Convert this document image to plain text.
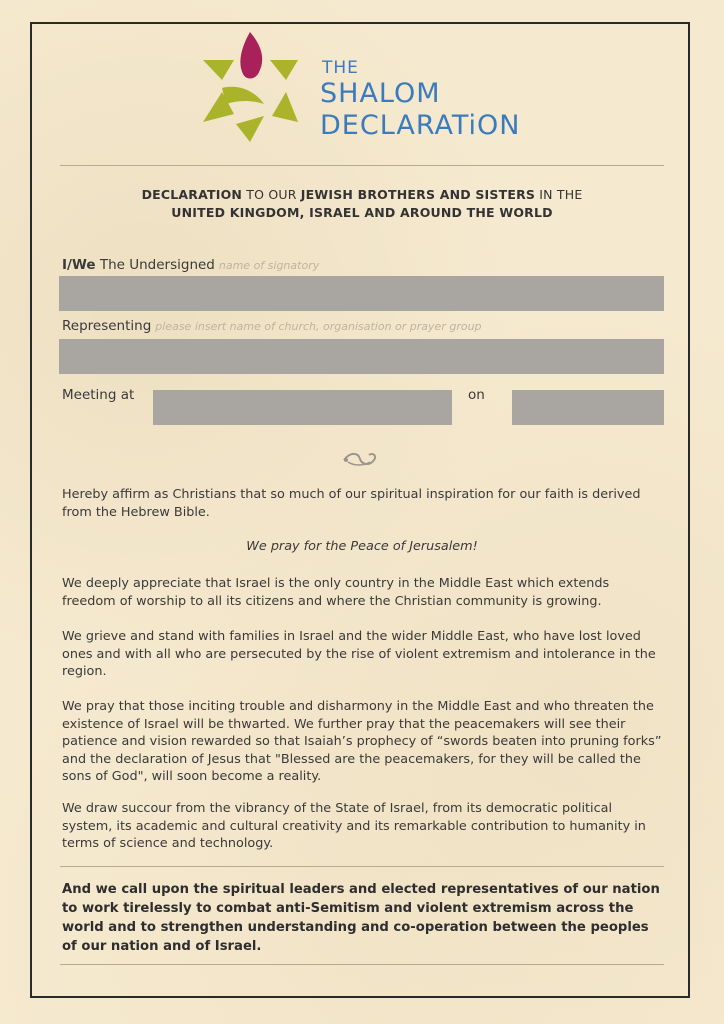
THE
SHALOM
DECLARATiON
DECLARATION TO OUR JEWISH BROTHERS AND SISTERS IN THE
UNITED KINGDOM, ISRAEL AND AROUND THE WORLD
I/We The Undersigned name of signatory
Representing please insert name of church, organisation or prayer group
Meeting at	on

Hereby affirm as Christians that so much of our spiritual inspiration for our faith is derived from the Hebrew Bible.

We pray for the Peace of Jerusalem!

We deeply appreciate that Israel is the only country in the Middle East which extends freedom of worship to all its citizens and where the Christian community is growing.

We grieve and stand with families in Israel and the wider Middle East, who have lost loved ones and with all who are persecuted by the rise of violent extremism and intolerance in the region.

We pray that those inciting trouble and disharmony in the Middle East and who threaten the existence of Israel will be thwarted. We further pray that the peacemakers will see their patience and vision rewarded so that Isaiah’s prophecy of “swords beaten into pruning forks” and the declaration of Jesus that "Blessed are the peacemakers, for they will be called the sons of God", will soon become a reality.

We draw succour from the vibrancy of the State of Israel, from its democratic political system, its academic and cultural creativity and its remarkable contribution to humanity in terms of science and technology.

And we call upon the spiritual leaders and elected representatives of our nation to work tirelessly to combat anti-Semitism and violent extremism across the world and to strengthen understanding and co-operation between the peoples of our nation and of Israel.
